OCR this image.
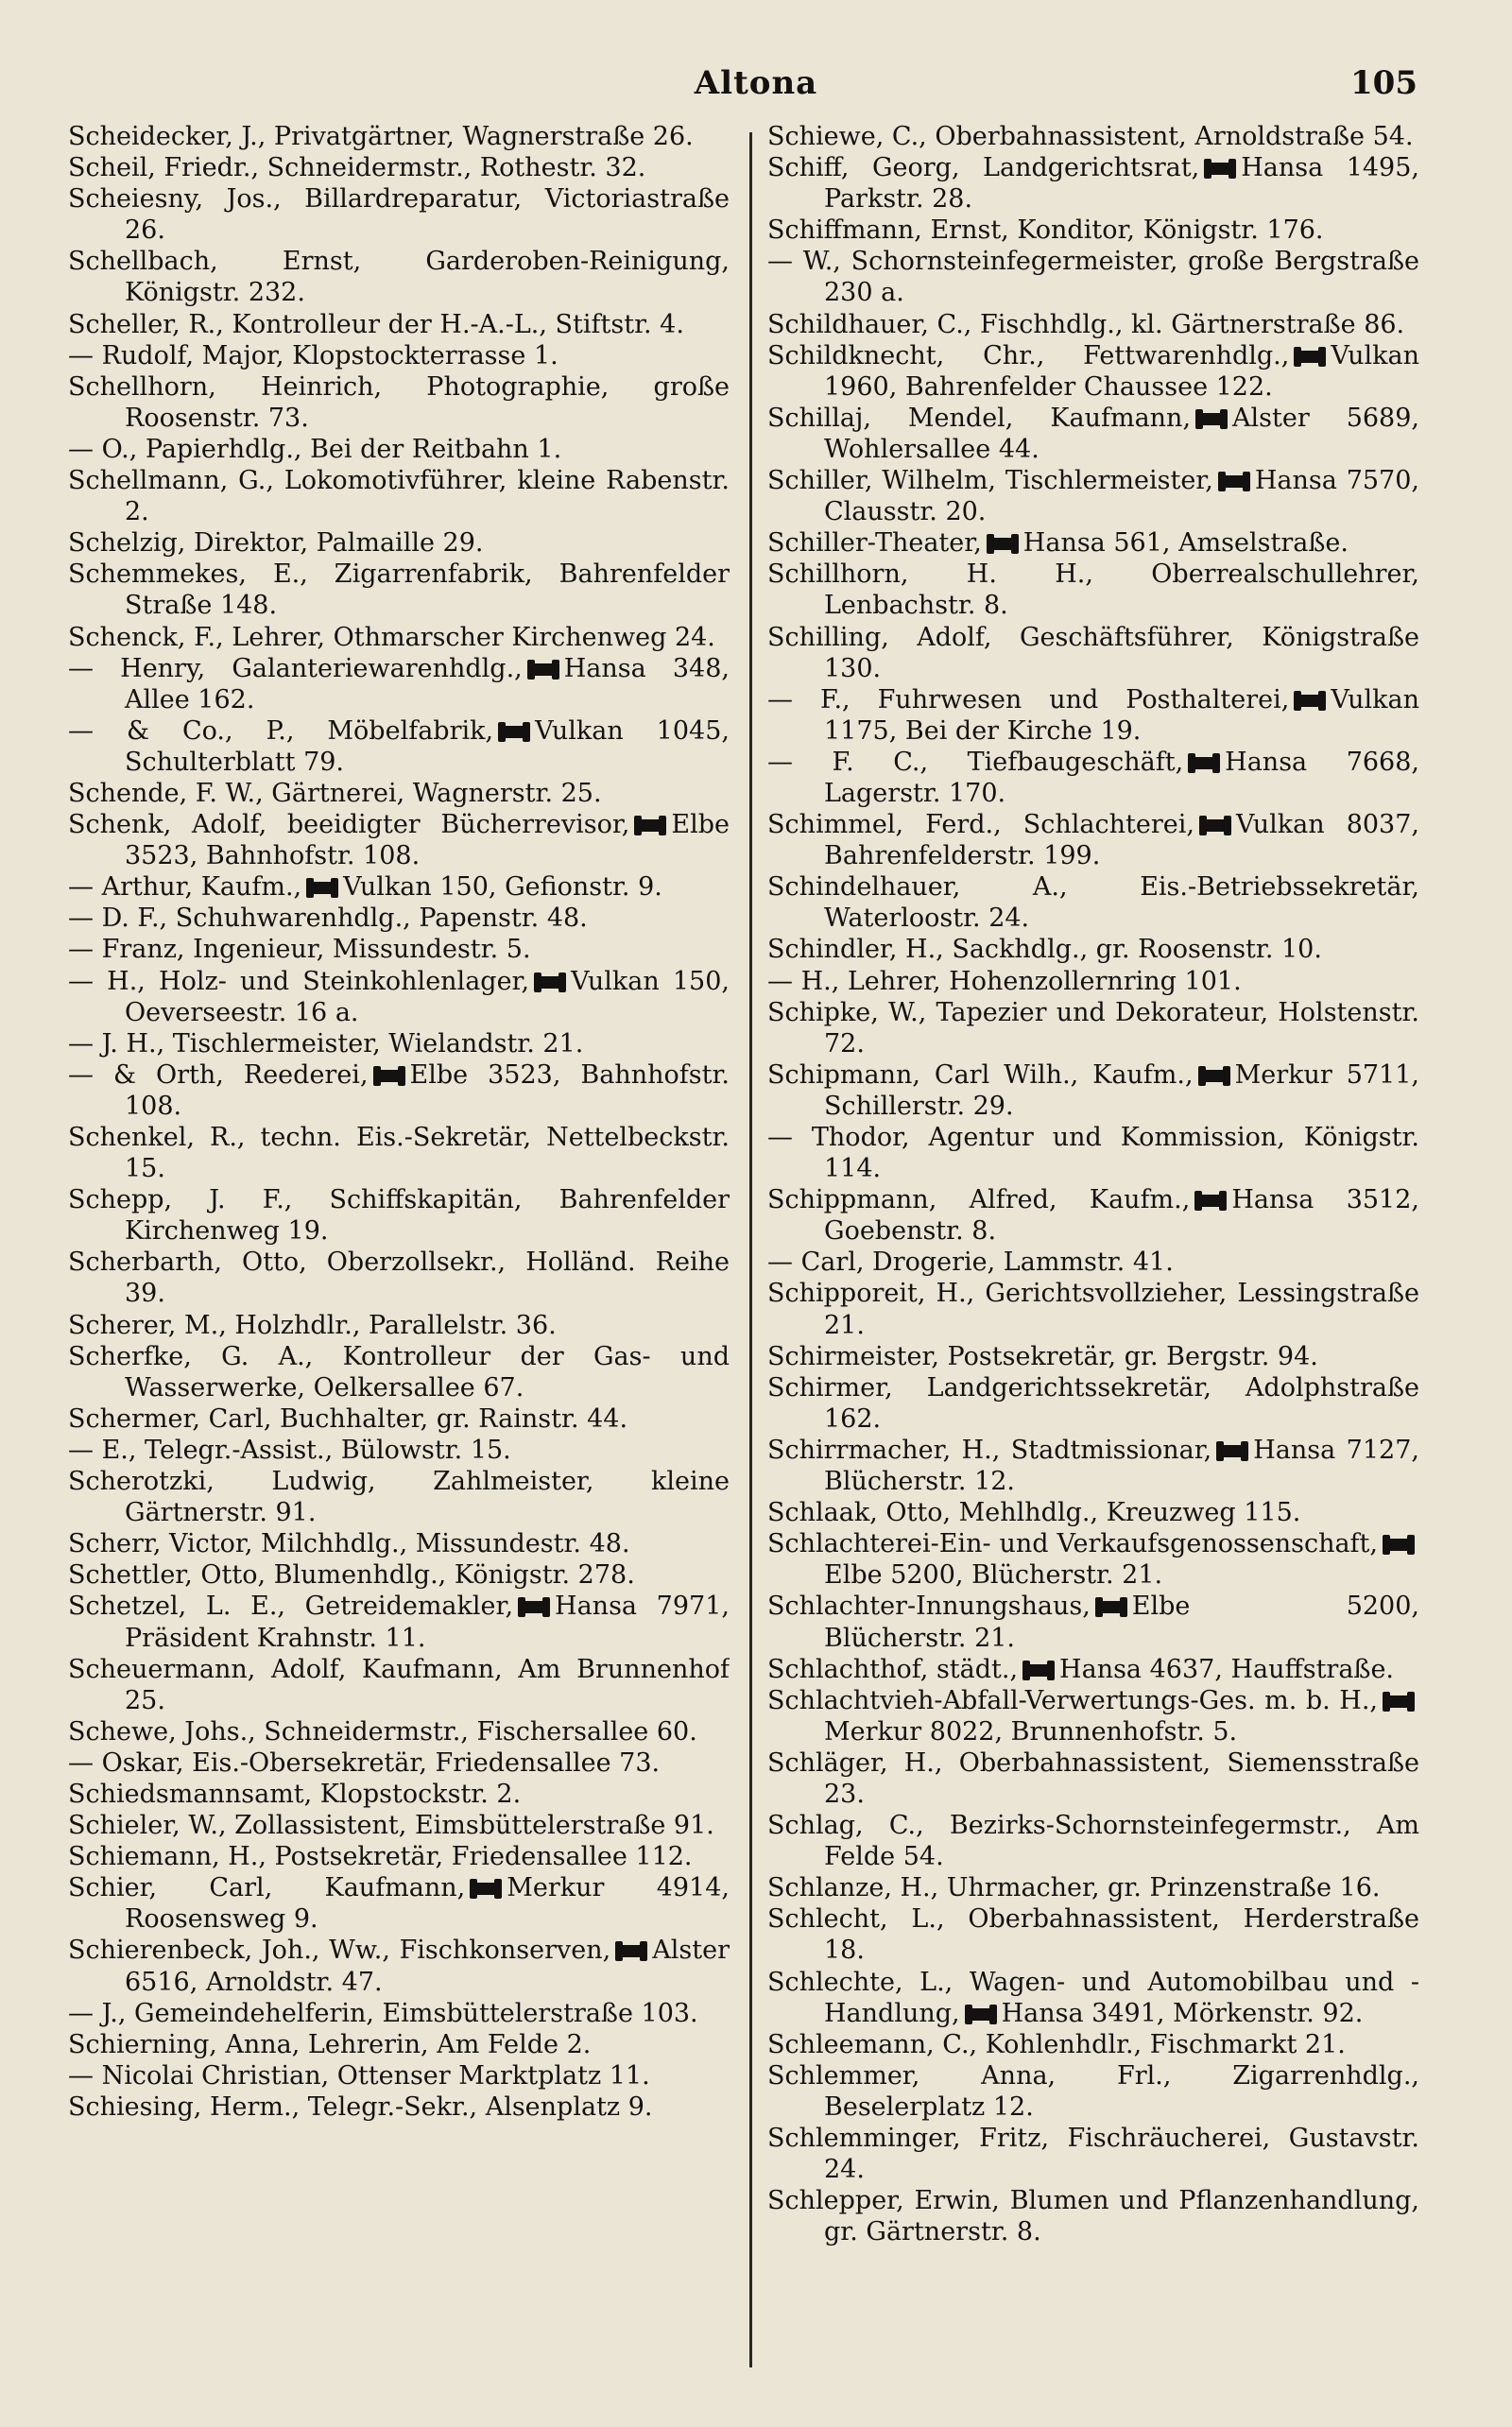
Altona	105
Scheidecker, J., Privatgärtner, Wagnerstraße 26.
Scheil, Friedr., Schneidermstr., Rothestr. 32.
Scheiesny, Jos., Billardreparatur, Victoriastraße 26.
Schellbach, Ernst, Garderoben-Reinigung, Königstr. 232.
Scheller, R., Kontrolleur der H.-A.-L., Stiftstr. 4.
— Rudolf, Major, Klopstockterrasse 1.
Schellhorn, Heinrich, Photographie, große Roosenstr. 73.
— O., Papierhdlg., Bei der Reitbahn 1.
Schellmann, G., Lokomotivführer, kleine Rabenstr. 2.
Schelzig, Direktor, Palmaille 29.
Schemmekes, E., Zigarrenfabrik, Bahrenfelder Straße 148.
Schenck, F., Lehrer, Othmarscher Kirchenweg 24.
— Henry, Galanteriewarenhdlg., Hansa 348, Allee 162.
— & Co., P., Möbelfabrik, Vulkan 1045, Schulterblatt 79.
Schende, F. W., Gärtnerei, Wagnerstr. 25.
Schenk, Adolf, beeidigter Bücherrevisor, Elbe 3523, Bahnhofstr. 108.
— Arthur, Kaufm., Vulkan 150, Gefionstr. 9.
— D. F., Schuhwarenhdlg., Papenstr. 48.
— Franz, Ingenieur, Missundestr. 5.
— H., Holz- und Steinkohlenlager, Vulkan 150, Oeverseestr. 16 a.
— J. H., Tischlermeister, Wielandstr. 21.
— & Orth, Reederei, Elbe 3523, Bahnhofstr. 108.
Schenkel, R., techn. Eis.-Sekretär, Nettelbeckstr. 15.
Schepp, J. F., Schiffskapitän, Bahrenfelder Kirchenweg 19.
Scherbarth, Otto, Oberzollsekr., Holländ. Reihe 39.
Scherer, M., Holzhdlr., Parallelstr. 36.
Scherfke, G. A., Kontrolleur der Gas- und Wasserwerke, Oelkersallee 67.
Schermer, Carl, Buchhalter, gr. Rainstr. 44.
— E., Telegr.-Assist., Bülowstr. 15.
Scherotzki, Ludwig, Zahlmeister, kleine Gärtnerstr. 91.
Scherr, Victor, Milchhdlg., Missundestr. 48.
Schettler, Otto, Blumenhdlg., Königstr. 278.
Schetzel, L. E., Getreidemakler, Hansa 7971, Präsident Krahnstr. 11.
Scheuermann, Adolf, Kaufmann, Am Brunnenhof 25.
Schewe, Johs., Schneidermstr., Fischersallee 60.
— Oskar, Eis.-Obersekretär, Friedensallee 73.
Schiedsmannsamt, Klopstockstr. 2.
Schieler, W., Zollassistent, Eimsbüttelerstraße 91.
Schiemann, H., Postsekretär, Friedensallee 112.
Schier, Carl, Kaufmann, Merkur 4914, Roosensweg 9.
Schierenbeck, Joh., Ww., Fischkonserven, Alster 6516, Arnoldstr. 47.
— J., Gemeindehelferin, Eimsbüttelerstraße 103.
Schierning, Anna, Lehrerin, Am Felde 2.
— Nicolai Christian, Ottenser Marktplatz 11.
Schiesing, Herm., Telegr.-Sekr., Alsenplatz 9.
Schiewe, C., Oberbahnassistent, Arnoldstraße 54.
Schiff, Georg, Landgerichtsrat, Hansa 1495, Parkstr. 28.
Schiffmann, Ernst, Konditor, Königstr. 176.
— W., Schornsteinfegermeister, große Bergstraße 230 a.
Schildhauer, C., Fischhdlg., kl. Gärtnerstraße 86.
Schildknecht, Chr., Fettwarenhdlg., Vulkan 1960, Bahrenfelder Chaussee 122.
Schillaj, Mendel, Kaufmann, Alster 5689, Wohlersallee 44.
Schiller, Wilhelm, Tischlermeister, Hansa 7570, Clausstr. 20.
Schiller-Theater, Hansa 561, Amselstraße.
Schillhorn, H. H., Oberrealschullehrer, Lenbachstr. 8.
Schilling, Adolf, Geschäftsführer, Königstraße 130.
— F., Fuhrwesen und Posthalterei, Vulkan 1175, Bei der Kirche 19.
— F. C., Tiefbaugeschäft, Hansa 7668, Lagerstr. 170.
Schimmel, Ferd., Schlachterei, Vulkan 8037, Bahrenfelderstr. 199.
Schindelhauer, A., Eis.-Betriebssekretär, Waterloostr. 24.
Schindler, H., Sackhdlg., gr. Roosenstr. 10.
— H., Lehrer, Hohenzollernring 101.
Schipke, W., Tapezier und Dekorateur, Holstenstr. 72.
Schipmann, Carl Wilh., Kaufm., Merkur 5711, Schillerstr. 29.
— Thodor, Agentur und Kommission, Königstr. 114.
Schippmann, Alfred, Kaufm., Hansa 3512, Goebenstr. 8.
— Carl, Drogerie, Lammstr. 41.
Schipporeit, H., Gerichtsvollzieher, Lessingstraße 21.
Schirmeister, Postsekretär, gr. Bergstr. 94.
Schirmer, Landgerichtssekretär, Adolphstraße 162.
Schirrmacher, H., Stadtmissionar, Hansa 7127, Blücherstr. 12.
Schlaak, Otto, Mehlhdlg., Kreuzweg 115.
Schlachterei-Ein- und Verkaufsgenossenschaft,Elbe 5200, Blücherstr. 21.
Schlachter-Innungshaus, Elbe 5200, Blücherstr. 21.
Schlachthof, städt., Hansa 4637, Hauffstraße.
Schlachtvieh-Abfall-Verwertungs-Ges. m. b. H.,Merkur 8022, Brunnenhofstr. 5.
Schläger, H., Oberbahnassistent, Siemensstraße 23.
Schlag, C., Bezirks-Schornsteinfegermstr., Am Felde 54.
Schlanze, H., Uhrmacher, gr. Prinzenstraße 16.
Schlecht, L., Oberbahnassistent, Herderstraße 18.
Schlechte, L., Wagen- und Automobilbau und -Handlung, Hansa 3491, Mörkenstr. 92.
Schleemann, C., Kohlenhdlr., Fischmarkt 21.
Schlemmer, Anna, Frl., Zigarrenhdlg., Beselerplatz 12.
Schlemminger, Fritz, Fischräucherei, Gustavstr. 24.
Schlepper, Erwin, Blumen und Pflanzenhandlung, gr. Gärtnerstr. 8.
